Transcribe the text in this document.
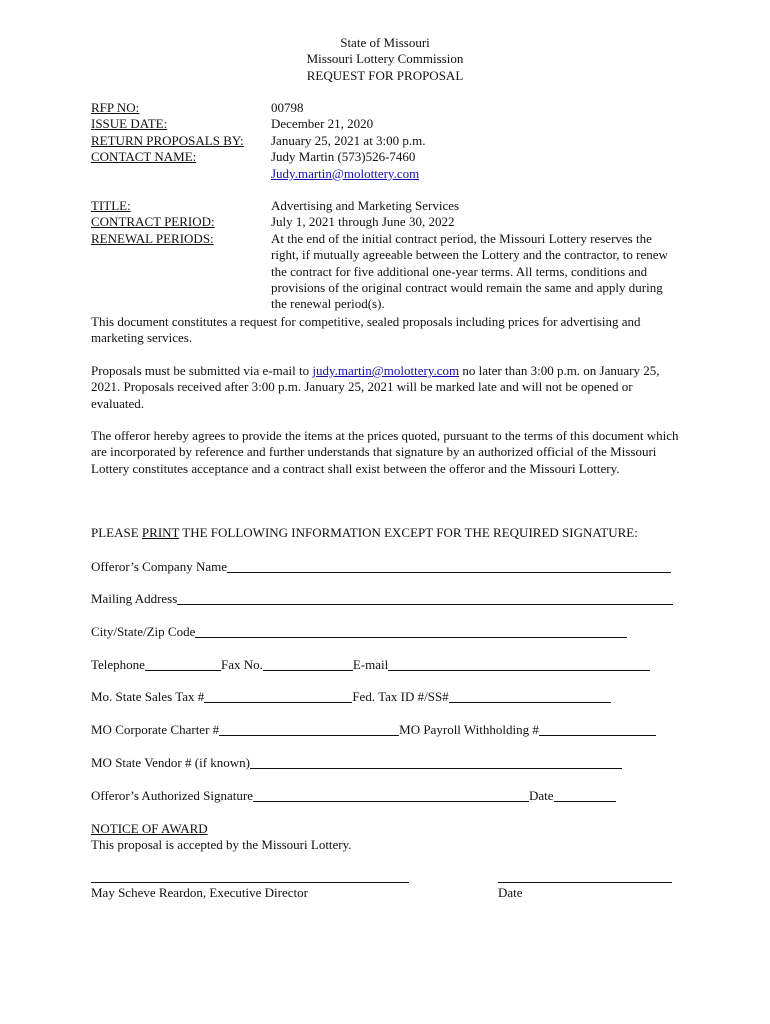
State of Missouri
Missouri Lottery Commission
REQUEST FOR PROPOSAL
RFP NO:	00798
ISSUE DATE:	December 21, 2020
RETURN PROPOSALS BY:	January 25, 2021 at 3:00 p.m.
CONTACT NAME:	Judy Martin (573)526-7460
Judy.martin@molottery.com
TITLE:	Advertising and Marketing Services
CONTRACT PERIOD:	July 1, 2021 through June 30, 2022
RENEWAL PERIODS:	At the end of the initial contract period, the Missouri Lottery reserves the right, if mutually agreeable between the Lottery and the contractor, to renew the contract for five additional one-year terms. All terms, conditions and provisions of the original contract would remain the same and apply during the renewal period(s).
This document constitutes a request for competitive, sealed proposals including prices for advertising and marketing services.
Proposals must be submitted via e-mail to judy.martin@molottery.com no later than 3:00 p.m. on January 25, 2021. Proposals received after 3:00 p.m. January 25, 2021 will be marked late and will not be opened or evaluated.
The offeror hereby agrees to provide the items at the prices quoted, pursuant to the terms of this document which are incorporated by reference and further understands that signature by an authorized official of the Missouri Lottery constitutes acceptance and a contract shall exist between the offeror and the Missouri Lottery.
PLEASE PRINT THE FOLLOWING INFORMATION EXCEPT FOR THE REQUIRED SIGNATURE:
Offeror’s Company Name
Mailing Address
City/State/Zip Code
Telephone	Fax No.	E-mail
Mo. State Sales Tax #	Fed. Tax ID #/SS#
MO Corporate Charter #	MO Payroll Withholding #
MO State Vendor # (if known)
Offeror’s Authorized Signature	Date
NOTICE OF AWARD
This proposal is accepted by the Missouri Lottery.
May Scheve Reardon, Executive Director	Date
